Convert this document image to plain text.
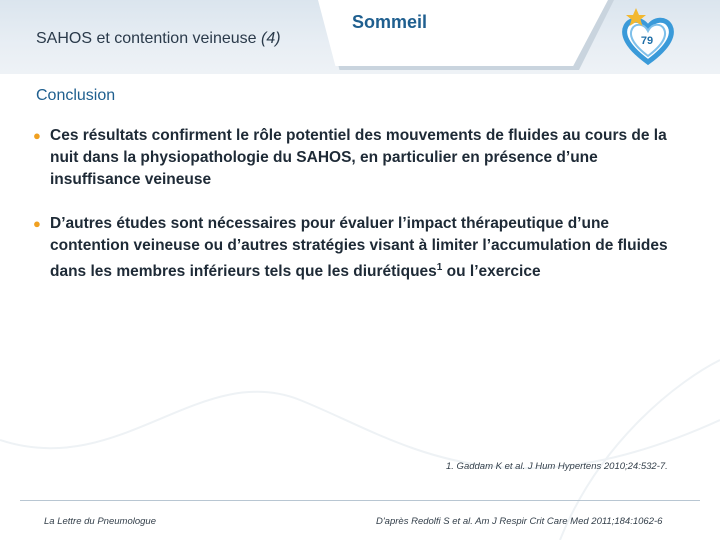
SAHOS et contention veineuse (4)
Sommeil
79
Conclusion
● Ces résultats confirment le rôle potentiel des mouvements de fluides au cours de la nuit dans la physiopathologie du SAHOS, en particulier en présence d’une insuffisance veineuse
● D’autres études sont nécessaires pour évaluer l’impact thérapeutique d’une contention veineuse ou d’autres stratégies visant à limiter l’accumulation de fluides dans les membres inférieurs tels que les diurétiques$^1$ ou l’exercice
1. Gaddam K et al. J Hum Hypertens 2010;24:532-7.
La Lettre du Pneumologue	D'après Redolfi S et al. Am J Respir Crit Care Med 2011;184:1062-6
